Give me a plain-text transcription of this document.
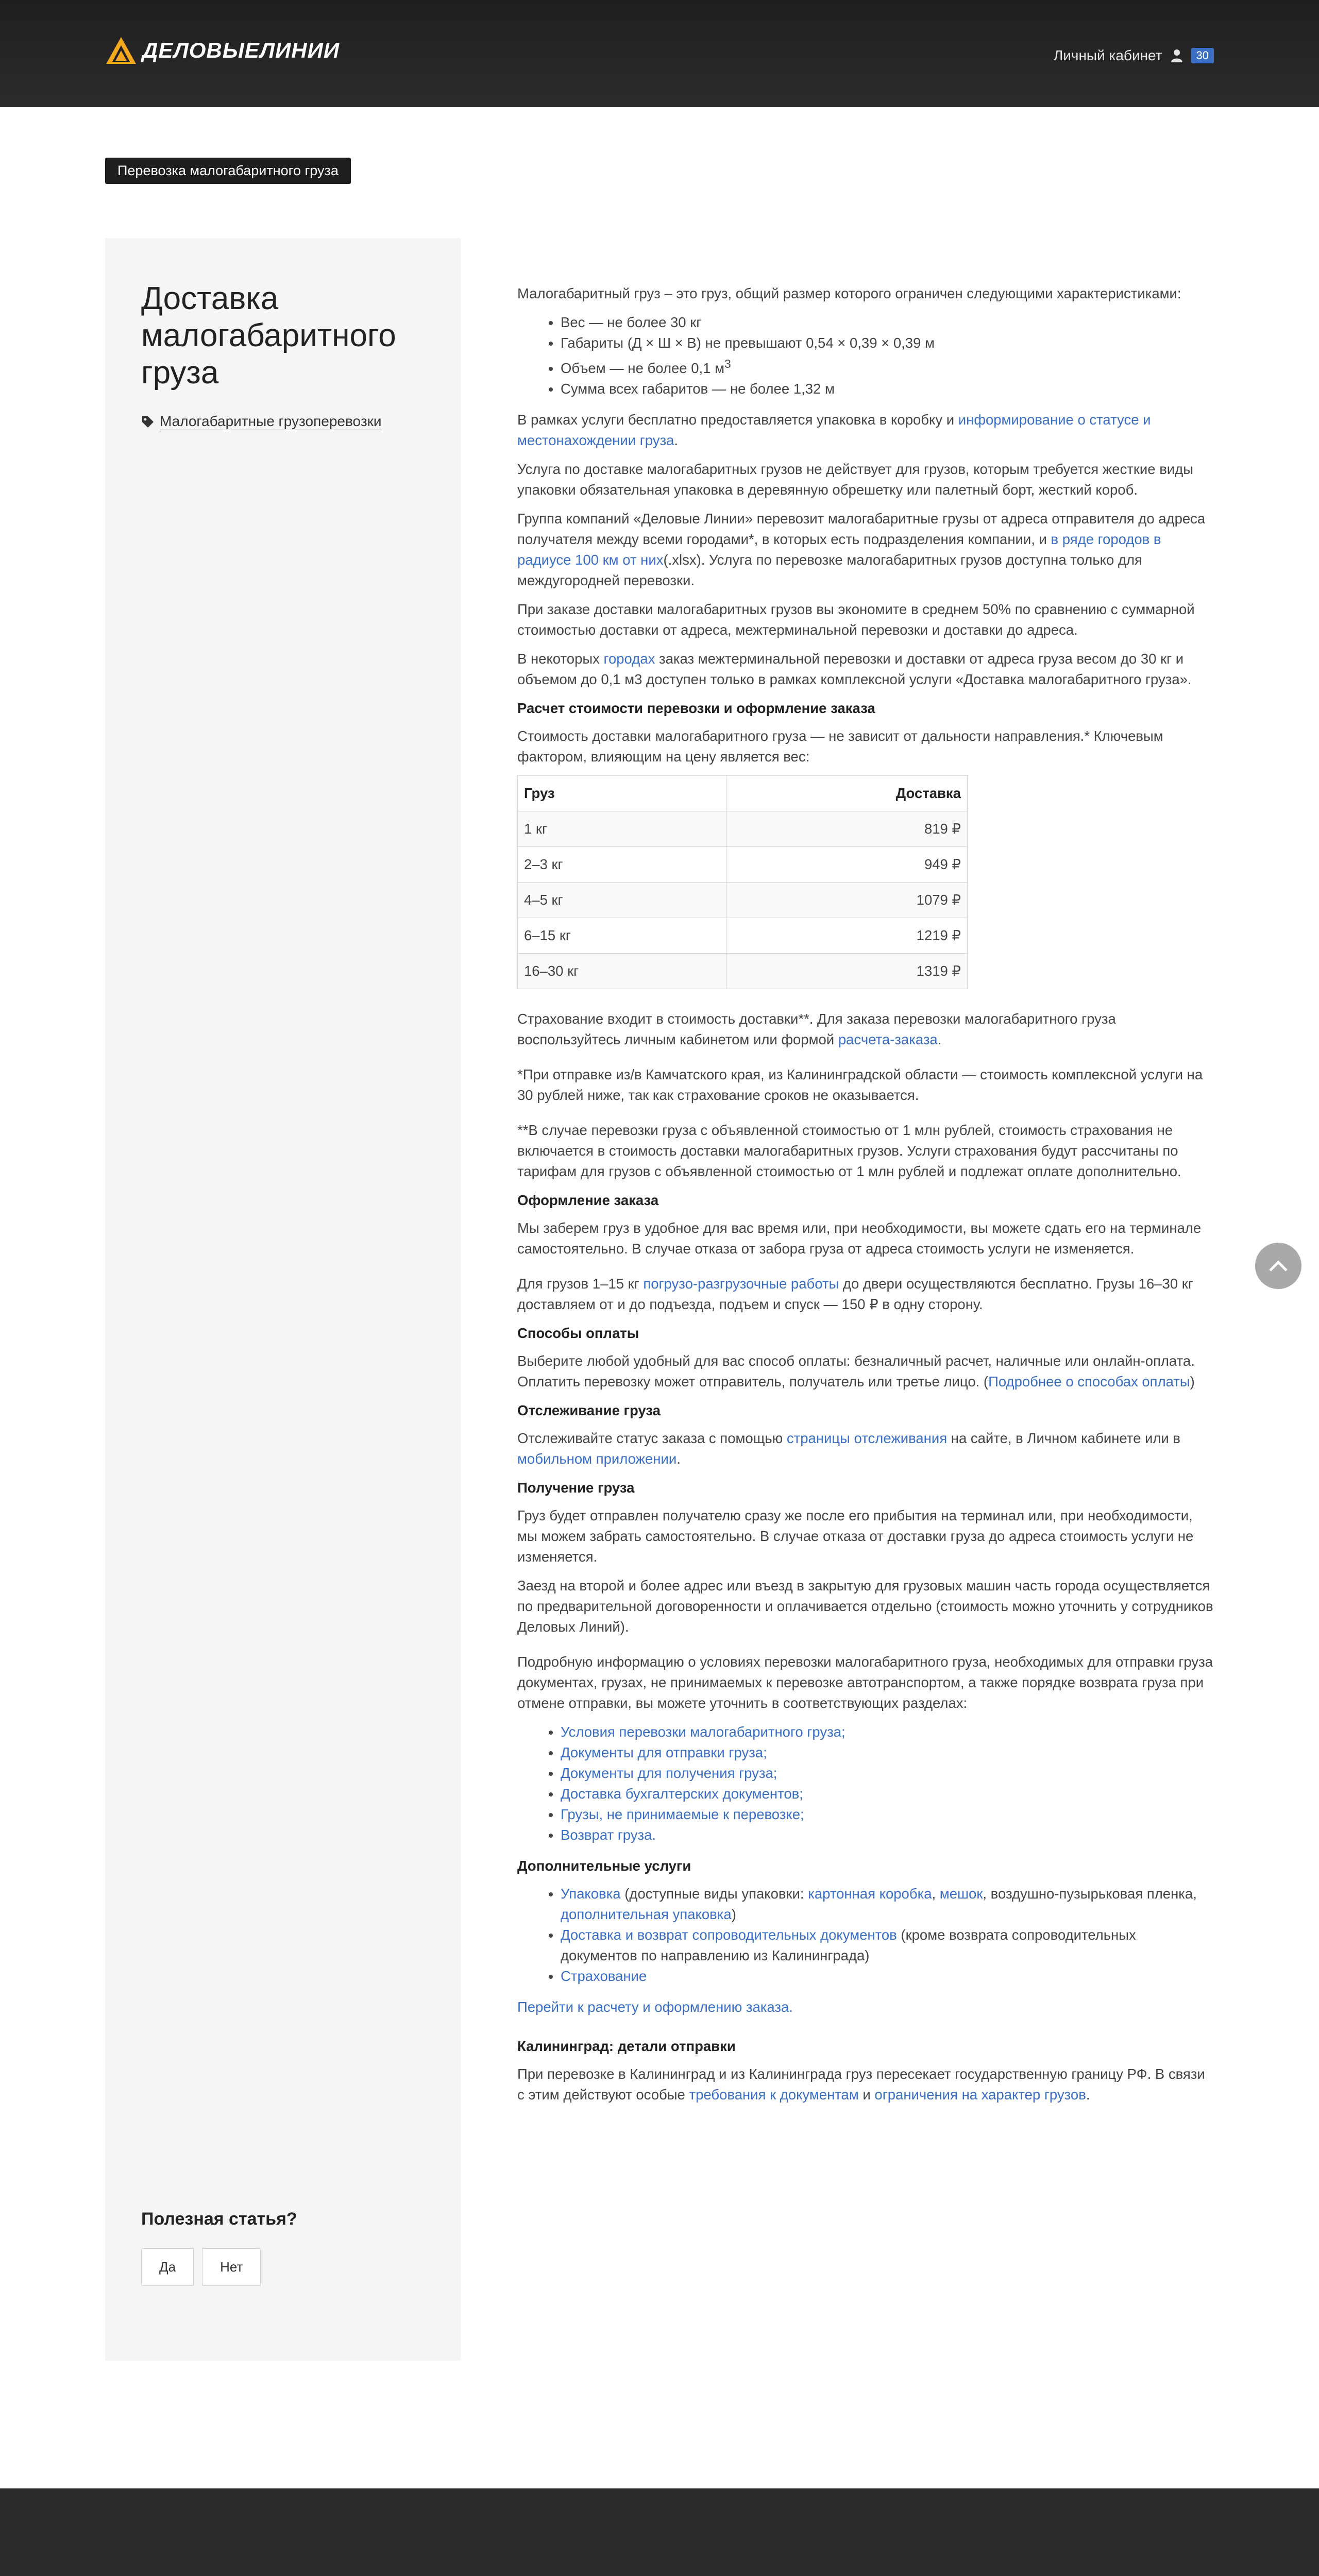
ДЕЛОВЫЕЛИНИИ	Личный кабинет	30
Перевозка малогабаритного груза
Доставка малогабаритного груза
Малогабаритные грузоперевозки
Полезная статья?
Да	Нет

Малогабаритный груз – это груз, общий размер которого ограничен следующими характеристиками:

• Вес — не более 30 кг
• Габариты (Д × Ш × В) не превышают 0,54 × 0,39 × 0,39 м
• Объем — не более 0,1 $м^3$
• Сумма всех габаритов — не более 1,32 м

В рамках услуги бесплатно предоставляется упаковка в коробку и информирование о статусе и местонахождении груза.

Услуга по доставке малогабаритных грузов не действует для грузов, которым требуется жесткие виды упаковки обязательная упаковка в деревянную обрешетку или палетный борт, жесткий короб.

Группа компаний «Деловые Линии» перевозит малогабаритные грузы от адреса отправителя до адреса получателя между всеми городами*, в которых есть подразделения компании, и в ряде городов в радиусе 100 км от них(.xlsx). Услуга по перевозке малогабаритных грузов доступна только для междугородней перевозки.

При заказе доставки малогабаритных грузов вы экономите в среднем 50% по сравнению с суммарной стоимостью доставки от адреса, межтерминальной перевозки и доставки до адреса.

В некоторых городах заказ межтерминальной перевозки и доставки от адреса груза весом до 30 кг и объемом до 0,1 м3 доступен только в рамках комплексной услуги «Доставка малогабаритного груза».

Расчет стоимости перевозки и оформление заказа

Стоимость доставки малогабаритного груза — не зависит от дальности направления.* Ключевым фактором, влияющим на цену является вес:

Груз	Доставка
1 кг	819 ₽
2–3 кг	949 ₽
4–5 кг	1079 ₽
6–15 кг	1219 ₽
16–30 кг	1319 ₽

Страхование входит в стоимость доставки**. Для заказа перевозки малогабаритного груза воспользуйтесь личным кабинетом или формой расчета-заказа.

*При отправке из/в Камчатского края, из Калининградской области — стоимость комплексной услуги на 30 рублей ниже, так как страхование сроков не оказывается.

**В случае перевозки груза с объявленной стоимостью от 1 млн рублей, стоимость страхования не включается в стоимость доставки малогабаритных грузов. Услуги страхования будут рассчитаны по тарифам для грузов с объявленной стоимостью от 1 млн рублей и подлежат оплате дополнительно.

Оформление заказа

Мы заберем груз в удобное для вас время или, при необходимости, вы можете сдать его на терминале самостоятельно. В случае отказа от забора груза от адреса стоимость услуги не изменяется.

Для грузов 1–15 кг погрузо-разгрузочные работы до двери осуществляются бесплатно. Грузы 16–30 кг доставляем от и до подъезда, подъем и спуск — 150 ₽ в одну сторону.

Способы оплаты

Выберите любой удобный для вас способ оплаты: безналичный расчет, наличные или онлайн-оплата. Оплатить перевозку может отправитель, получатель или третье лицо. (Подробнее о способах оплаты)

Отслеживание груза

Отслеживайте статус заказа с помощью страницы отслеживания на сайте, в Личном кабинете или в мобильном приложении.

Получение груза

Груз будет отправлен получателю сразу же после его прибытия на терминал или, при необходимости, мы можем забрать самостоятельно. В случае отказа от доставки груза до адреса стоимость услуги не изменяется.

Заезд на второй и более адрес или въезд в закрытую для грузовых машин часть города осуществляется по предварительной договоренности и оплачивается отдельно (стоимость можно уточнить у сотрудников Деловых Линий).

Подробную информацию о условиях перевозки малогабаритного груза, необходимых для отправки груза документах, грузах, не принимаемых к перевозке автотранспортом, а также порядке возврата груза при отмене отправки, вы можете уточнить в соответствующих разделах:

• Условия перевозки малогабаритного груза;
• Документы для отправки груза;
• Документы для получения груза;
• Доставка бухгалтерских документов;
• Грузы, не принимаемые к перевозке;
• Возврат груза.
Дополнительные услуги
• Упаковка (доступные виды упаковки: картонная коробка, мешок, воздушно-пузырьковая пленка, дополнительная упаковка)
• Доставка и возврат сопроводительных документов (кроме возврата сопроводительных документов по направлению из Калининграда)
• Страхование

Перейти к расчету и оформлению заказа.

Калининград: детали отправки

При перевозке в Калининград и из Калининграда груз пересекает государственную границу РФ. В связи с этим действуют особые требования к документам и ограничения на характер грузов.
